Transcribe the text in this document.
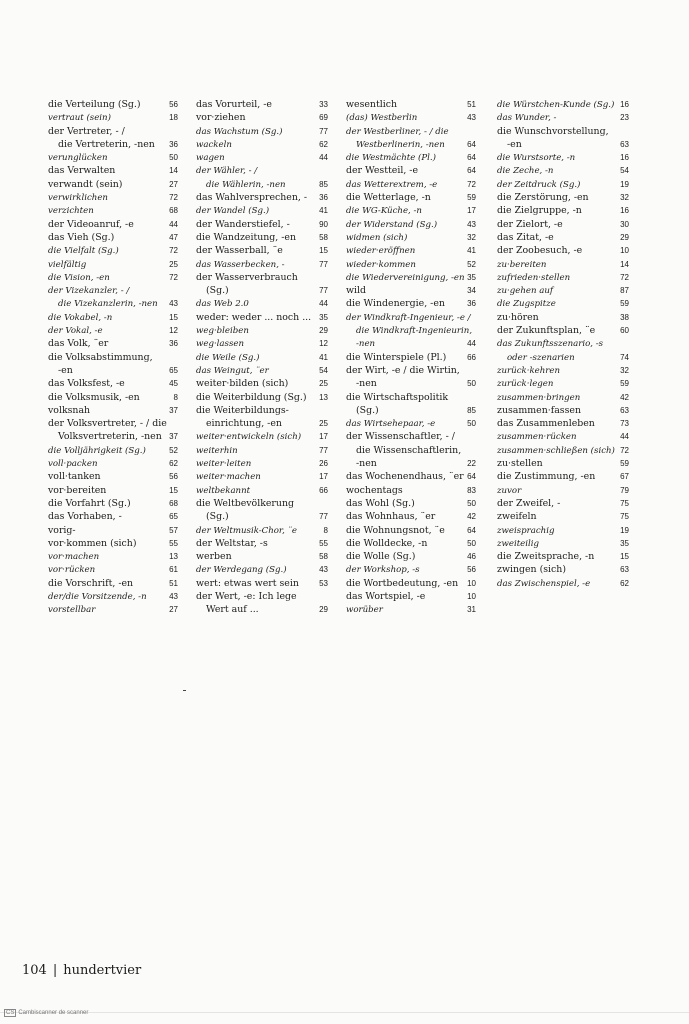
die Verteilung (Sg.)	56
vertraut (sein)	18
der Vertreter, - /
die Vertreterin, -nen 36
verunglücken	50
das Verwalten	14
verwandt (sein)	27
verwirklichen	72
verzichten	68
der Videoanruf, -e	44
das Vieh (Sg.)	47
die Vielfalt (Sg.)	72
vielfältig	25
die Vision, -en	72
der Vizekanzler, - /
die Vizekanzlerin, -nen 43
die Vokabel, -n	15
der Vokal, -e	12
das Volk, ¨er	36
die Volksabstimmung,
-en	65
das Volksfest, -e	45
die Volksmusik, -en	8
volksnah	37
der Volksvertreter, - / die
Volksvertreterin, -nen 37
die Volljährigkeit (Sg.)	52
voll·packen	62
voll·tanken	56
vor·bereiten	15
die Vorfahrt (Sg.)	68
das Vorhaben, -	65
vorig-	57
vor·kommen (sich)	55
vor·machen	13
vor·rücken	61
die Vorschrift, -en	51
der/die Vorsitzende, -n	43
vorstellbar	27
das Vorurteil, -e	33
vor·ziehen	69
das Wachstum (Sg.)	77
wackeln	62
wagen	44
der Wähler, - /
die Wählerin, -nen	85
das Wahlversprechen, - 36
der Wandel (Sg.)	41
der Wanderstiefel, -	90
die Wandzeitung, -en	58
der Wasserball, ¨e	15
das Wasserbecken, -	77
der Wasserverbrauch
(Sg.)	77
das Web 2.0	44
weder: weder ... noch ... 35
weg·bleiben	29
weg·lassen	12
die Weile (Sg.)	41
das Weingut, ¨er	54
weiter·bilden (sich)	25
die Weiterbildung (Sg.) 13
die Weiterbildungs-
einrichtung, -en	25
weiter·entwickeln (sich) 17
weiterhin	77
weiter·leiten	26
weiter·machen	17
weltbekannt	66
die Weltbevölkerung
(Sg.)	77
der Weltmusik-Chor, ¨e	8
der Weltstar, -s	55
werben	58
der Werdegang (Sg.)	43
wert: etwas wert sein	53
der Wert, -e: Ich lege
Wert auf ...	29
wesentlich	51
(das) Westberlin	43
der Westberliner, - / die
Westberlinerin, -nen	64
die Westmächte (Pl.)	64
der Westteil, -e	64
das Wetterextrem, -e	72
die Wetterlage, -n	59
die WG-Küche, -n	17
der Widerstand (Sg.)	43
widmen (sich)	32
wieder·eröffnen	41
wieder·kommen	52
die Wiedervereinigung, -en 35
wild	34
die Windenergie, -en	36
der Windkraft-Ingenieur, -e /
die Windkraft-Ingenieurin,
-nen	44
die Winterspiele (Pl.)	66
der Wirt, -e / die Wirtin,
-nen	50
die Wirtschaftspolitik
(Sg.)	85
das Wirtsehepaar, -e	50
der Wissenschaftler, - /
die Wissenschaftlerin,
-nen	22
das Wochenendhaus, ¨er 64
wochentags	83
das Wohl (Sg.)	50
das Wohnhaus, ¨er	42
die Wohnungsnot, ¨e	64
die Wolldecke, -n	50
die Wolle (Sg.)	46
der Workshop, -s	56
die Wortbedeutung, -en 10
das Wortspiel, -e	10
worüber	31
die Würstchen-Kunde (Sg.) 16
das Wunder, -	23
die Wunschvorstellung,
-en	63
die Wurstsorte, -n	16
die Zeche, -n	54
der Zeitdruck (Sg.)	19
die Zerstörung, -en	32
die Zielgruppe, -n	16
der Zielort, -e	30
das Zitat, -e	29
der Zoobesuch, -e	10
zu·bereiten	14
zufrieden·stellen	72
zu·gehen auf	87
die Zugspitze	59
zu·hören	38
der Zukunftsplan, ¨e	60
das Zukunftsszenario, -s
oder -szenarien	74
zurück·kehren	32
zurück·legen	59
zusammen·bringen	42
zusammen·fassen	63
das Zusammenleben	73
zusammen·rücken	44
zusammen·schließen (sich) 72
zu·stellen	59
die Zustimmung, -en	67
zuvor	79
der Zweifel, -	75
zweifeln	75
zweisprachig	19
zweiteilig	35
die Zweitsprache, -n	15
zwingen (sich)	63
das Zwischenspiel, -e	62
104 | hundertvier
CS Cambiscanner de scanner
